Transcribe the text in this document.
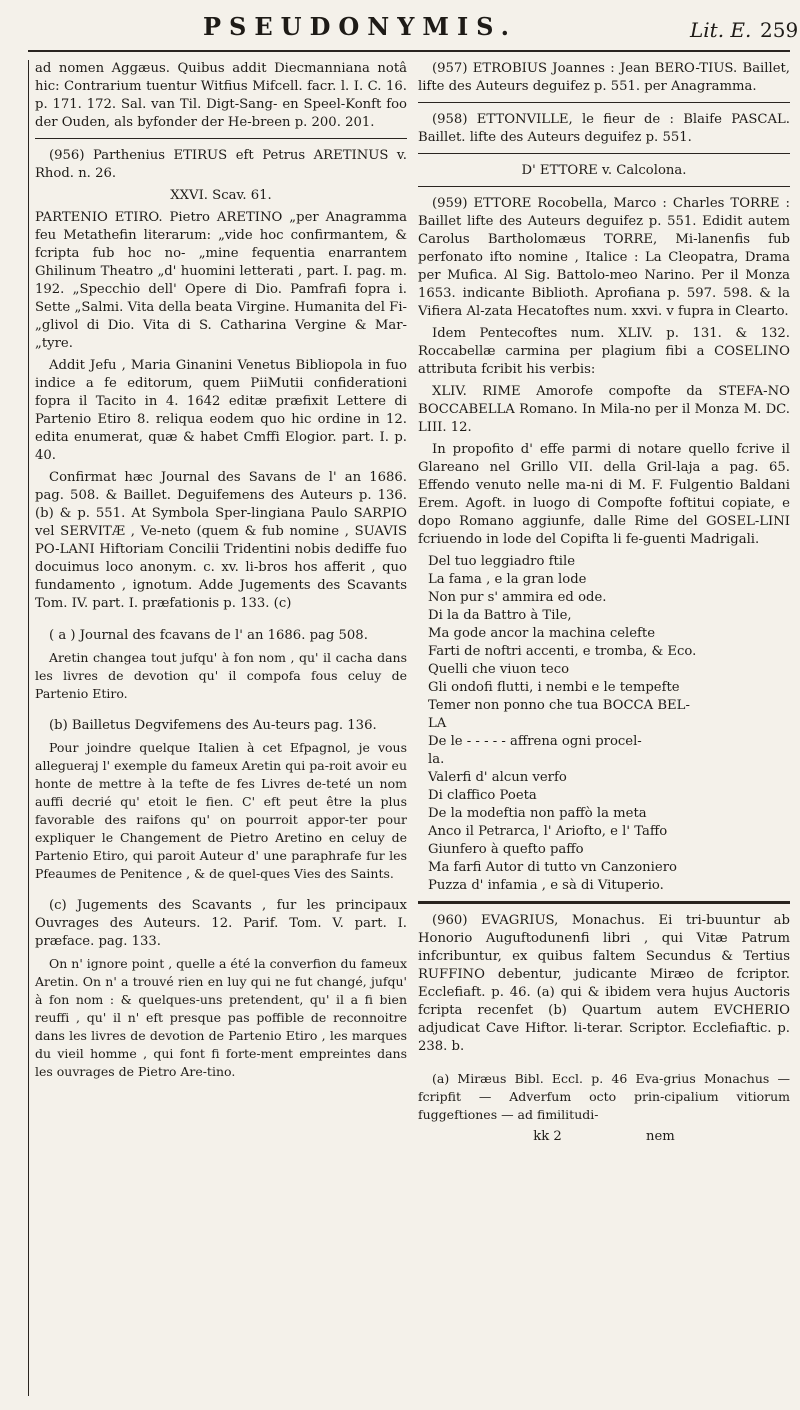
PSEUDONYMIS.	Lit. E. 259

ad nomen Aggæus. Quibus addit Diecmanniana notâ hic: Contrarium tuentur Witfius Mifcell. facr. l. I. C. 16. p. 171. 172. Sal. van Til. Digt-Sang- en Speel-Konft foo der Ouden, als byfonder der He-breen p. 200. 201.

(956) Parthenius ETIRUS eft Petrus ARETINUS v. Rhod. n. 26.

XXVI. Scav. 61.

PARTENIO ETIRO. Pietro ARETINO „per Anagramma feu Metathefin literarum: „vide hoc confirmantem, & fcripta fub hoc no- „mine fequentia enarrantem Ghilinum Theatro „d' huomini letterati , part. I. pag. m. 192. „Specchio dell' Opere di Dio. Pamfrafi fopra i. Sette „Salmi. Vita della beata Virgine. Humanita del Fi- „glivol di Dio. Vita di S. Catharina Vergine & Mar- „tyre.

Addit Jefu , Maria Ginanini Venetus Bibliopola in fuo indice a fe editorum, quem PiiMutii confiderationi fopra il Tacito in 4. 1642 editæ præfixit Lettere di Partenio Etiro 8. reliqua eodem quo hic ordine in 12. edita enumerat, quæ & habet Cmffi Elogior. part. I. p. 40.

Confirmat hæc Journal des Savans de l' an 1686. pag. 508. & Baillet. Deguifemens des Auteurs p. 136. (b) & p. 551. At Symbola Sper-lingiana Paulo SARPIO vel SERVITÆ , Ve-neto (quem & fub nomine , SUAVIS PO-LANI Hiftoriam Concilii Tridentini nobis dediffe fuo docuimus loco anonym. c. xv. li-bros hos afferit , quo fundamento , ignotum. Adde Jugements des Scavants Tom. IV. part. I. præfationis p. 133. (c)

( a ) Journal des fcavans de l' an 1686. pag 508.

Aretin changea tout jufqu' à fon nom , qu' il cacha dans les livres de devotion qu' il compofa fous celuy de Partenio Etiro.

(b) Bailletus Degvifemens des Au-teurs pag. 136.

Pour joindre quelque Italien à cet Efpagnol, je vous allegueraj l' exemple du fameux Aretin qui pa-roit avoir eu honte de mettre à la tefte de fes Livres de-teté un nom auffi decrié qu' etoit le fien. C' eft peut être la plus favorable des raifons qu' on pourroit appor-ter pour expliquer le Changement de Pietro Aretino en celuy de Partenio Etiro, qui paroit Auteur d' une paraphrafe fur les Pfeaumes de Penitence , & de quel-ques Vies des Saints.

(c) Jugements des Scavants , fur les principaux Ouvrages des Auteurs. 12. Parif. Tom. V. part. I. præface. pag. 133.

On n' ignore point , quelle a été la converfion du fameux Aretin. On n' a trouvé rien en luy qui ne fut changé, jufqu' à fon nom : & quelques-uns pretendent, qu' il a fi bien reuffi , qu' il n' eft presque pas poffible de reconnoitre dans les livres de devotion de Partenio Etiro , les marques du vieil homme , qui font fi forte-ment empreintes dans les ouvrages de Pietro Are-tino.

(957) ETROBIUS Joannes : Jean BERO-TIUS. Baillet, lifte des Auteurs deguifez p. 551. per Anagramma.

(958) ETTONVILLE, le fieur de : Blaife PASCAL. Baillet. lifte des Auteurs deguifez p. 551.

D' ETTORE v. Calcolona.

(959) ETTORE Rocobella, Marco : Charles TORRE : Baillet lifte des Auteurs deguifez p. 551. Edidit autem Carolus Bartholomæus TORRE, Mi-lanenfis fub perfonato ifto nomine , Italice : La Cleopatra, Drama per Mufica. Al Sig. Battolo-meo Narino. Per il Monza 1653. indicante Biblioth. Aprofiana p. 597. 598. & la Vifiera Al-zata Hecatoftes num. xxvi. v fupra in Clearto.

Idem Pentecoftes num. XLIV. p. 131. & 132. Roccabellæ carmina per plagium fibi a COSELINO attributa fcribit his verbis:

XLIV. RIME Amorofe compofte da STEFA-NO BOCCABELLA Romano. In Mila-no per il Monza M. DC. LIII. 12.

In propofito d' effe parmi di notare quello fcrive il Glareano nel Grillo VII. della Gril-laja a pag. 65. Effendo venuto nelle ma-ni di M. F. Fulgentio Baldani Erem. Agoft. in luogo di Compofte foftitui copiate, e dopo Romano aggiunfe, dalle Rime del GOSEL-LINI fcriuendo in lode del Copifta li fe-guenti Madrigali.

Del tuo leggiadro ftile

La fama , e la gran lode

Non pur s' ammira ed ode.

Di la da Battro à Tile,

Ma gode ancor la machina celefte

Farti de noftri accenti, e tromba, & Eco.

Quelli che viuon teco

Gli ondofi flutti, i nembi e le tempefte

Temer non ponno che tua BOCCA BEL-

LA

De le - - - - - affrena ogni procel-

la.

Valerfi d' alcun verfo

Di claffico Poeta

De la modeftia non paffò la meta

Anco il Petrarca, l' Ariofto, e l' Taffo

Giunfero à quefto paffo

Ma farfi Autor di tutto vn Canzoniero

Puzza d' infamia , e sà di Vituperio.

(960) EVAGRIUS, Monachus. Ei tri-buuntur ab Honorio Auguftodunenfi libri , qui Vitæ Patrum infcribuntur, ex quibus faltem Secundus & Tertius RUFFINO debentur, judicante Miræo de fcriptor. Ecclefiaft. p. 46. (a) qui & ibidem vera hujus Auctoris fcripta recenfet (b) Quartum autem EVCHERIO adjudicat Cave Hiftor. li-terar. Scriptor. Ecclefiaftic. p. 238. b.

(a) Miræus Bibl. Eccl. p. 46 Eva-grius Monachus — fcripfit — Adverfum octo prin-cipalium vitiorum fuggeftiones — ad fimilitudi-

kk 2	nem
